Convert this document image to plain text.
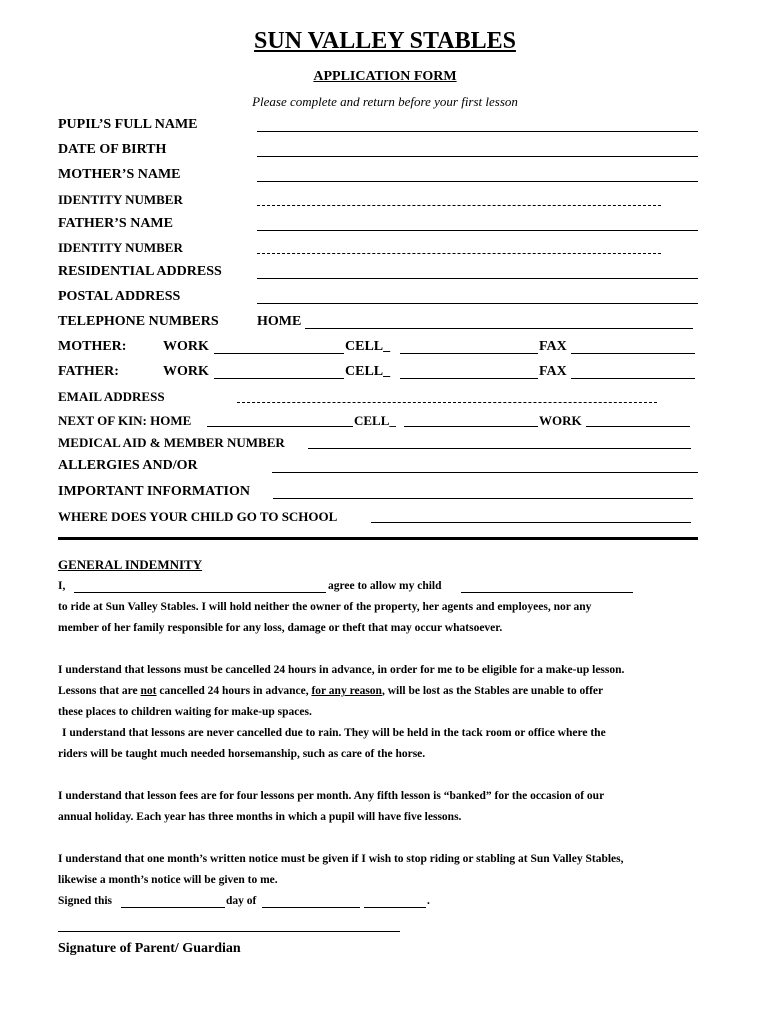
SUN VALLEY STABLES
APPLICATION FORM
Please complete and return before your first lesson
PUPIL’S FULL NAME
DATE OF BIRTH
MOTHER’S NAME
IDENTITY NUMBER
FATHER’S NAME
IDENTITY NUMBER
RESIDENTIAL ADDRESS
POSTAL ADDRESS
TELEPHONE NUMBERS	HOME
MOTHER:	WORK	CELL_	FAX
FATHER:	WORK	CELL_	FAX
EMAIL ADDRESS
NEXT OF KIN: HOME	CELL_	WORK
MEDICAL AID & MEMBER NUMBER
ALLERGIES AND/OR
IMPORTANT INFORMATION
WHERE DOES YOUR CHILD GO TO SCHOOL
GENERAL INDEMNITY
I,	agree to allow my child
to ride at Sun Valley Stables. I will hold neither the owner of the property, her agents and employees, nor any
member of her family responsible for any loss, damage or theft that may occur whatsoever.
I understand that lessons must be cancelled 24 hours in advance, in order for me to be eligible for a make-up lesson.
Lessons that are not cancelled 24 hours in advance, for any reason, will be lost as the Stables are unable to offer
these places to children waiting for make-up spaces.
I understand that lessons are never cancelled due to rain. They will be held in the tack room or office where the
riders will be taught much needed horsemanship, such as care of the horse.
I understand that lesson fees are for four lessons per month. Any fifth lesson is “banked” for the occasion of our
annual holiday. Each year has three months in which a pupil will have five lessons.
I understand that one month’s written notice must be given if I wish to stop riding or stabling at Sun Valley Stables,
likewise a month’s notice will be given to me.
Signed this	day of	.
Signature of Parent/ Guardian
